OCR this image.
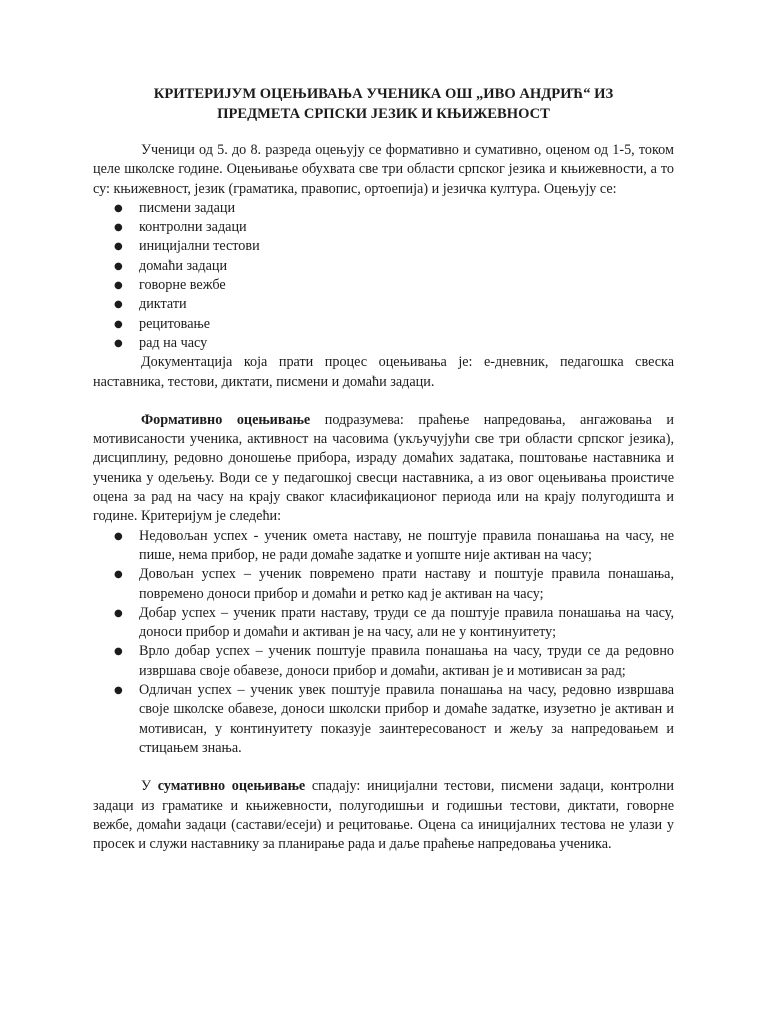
КРИТЕРИЈУМ ОЦЕЊИВАЊА УЧЕНИКА ОШ „ИВО АНДРИЋ“ ИЗ
ПРЕДМЕТА СРПСКИ ЈЕЗИК И КЊИЖЕВНОСТ

Ученици од 5. до 8. разреда оцењују се формативно и сумативно, оценом од 1-5, током целе школске године. Оцењивање обухвата све три области српског језика и књижевности, а то су: књижевност, језик (граматика, правопис, ортоепија) и језичка култура. Оцењују се:

● писмени задаци
● контролни задаци
● иницијални тестови
● домаћи задаци
● говорне вежбе
● диктати
● рецитовање
● рад на часу

Документација која прати процес оцењивања је: е-дневник, педагошка свеска наставника, тестови, диктати, писмени и домаћи задаци.

Формативно оцењивање подразумева: праћење напредовања, ангажовања и мотивисаности ученика, активност на часовима (укључујући све три области српског језика), дисциплину, редовно доношење прибора, израду домаћих задатака, поштовање наставника и ученика у одељењу. Води се у педагошкој свесци наставника, а из овог оцењивања проистиче оцена за рад на часу на крају сваког класификационог периода или на крају полугодишта и године. Критеријум је следећи:

● Недовољан успех - ученик омета наставу, не поштује правила понашања на часу, не пише, нема прибор, не ради домаће задатке и уопште није активан на часу;
● Довољан успех – ученик повремено прати наставу и поштује правила понашања, повремено доноси прибор и домаћи и ретко кад је активан на часу;
● Добар успех – ученик прати наставу, труди се да поштује правила понашања на часу, доноси прибор и домаћи и активан је на часу, али не у континуитету;
● Врло добар успех – ученик поштује правила понашања на часу, труди се да редовно извршава своје обавезе, доноси прибор и домаћи, активан је и мотивисан за рад;
● Одличан успех – ученик увек поштује правила понашања на часу, редовно извршава своје школске обавезе, доноси школски прибор и домаће задатке, изузетно је активан и мотивисан, у континуитету показује заинтересованост и жељу за напредовањем и стицањем знања.

У сумативно оцењивање спадају: иницијални тестови, писмени задаци, контролни задаци из граматике и књижевности, полугодишњи и годишњи тестови, диктати, говорне вежбе, домаћи задаци (састави/есеји) и рецитовање. Оцена са иницијалних тестова не улази у просек и служи наставнику за планирање рада и даље праћење напредовања ученика.
